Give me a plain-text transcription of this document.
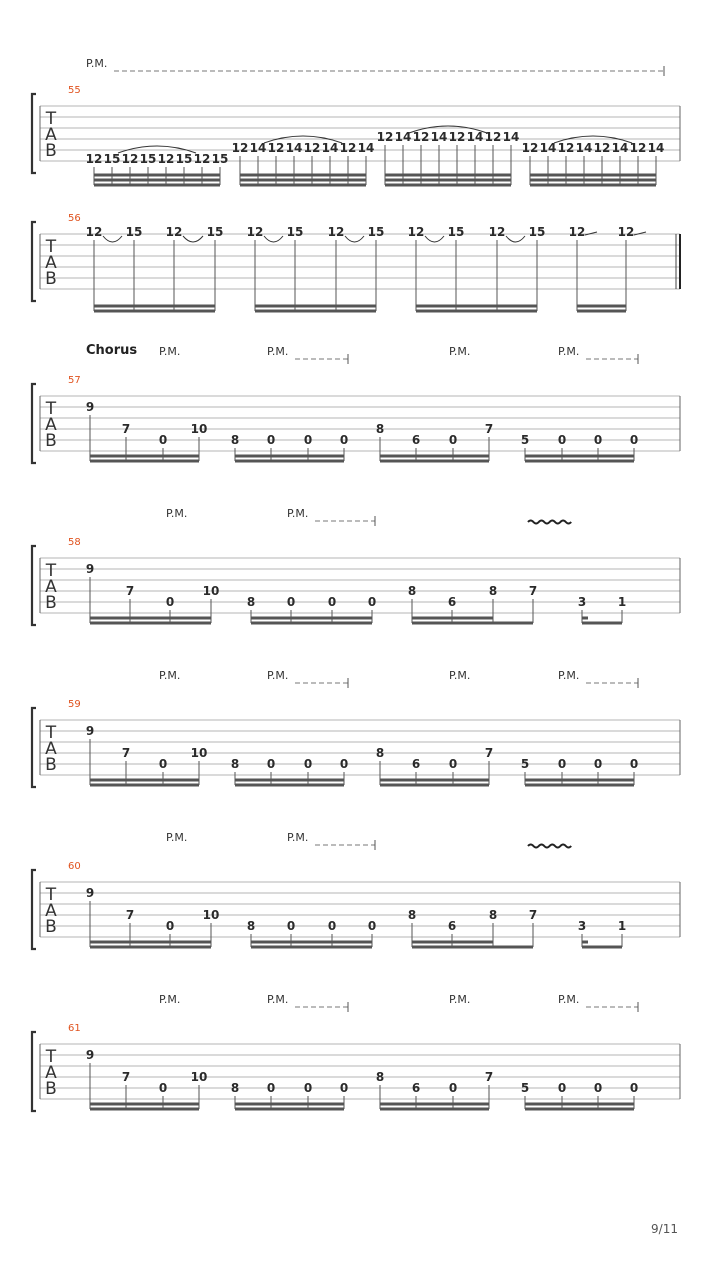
T
A
B
55
P.M.
12 15 12 15 12 15 12 15
12 14 12 14 12 14 12 14
12 14 12 14 12 14 12 14
12 14 12 14 12 14 12 14
T
A
B
56
12 15 12 15 12 15 12 15 12 15 12 15 12	12
T
A
B
57
Chorus P.M.	P.M.	P.M.	P.M.
9
7
0
10
8 0 0 0
8
6 0
7
5 0 0 0
T
A
B
58
P.M.	P.M.
9
7
0
10
8	0	0	0
8
6
8	7
3	1
T
A
B
59
P.M.	P.M.	P.M.	P.M.
9
7
0
10
8 0 0 0
8
6 0
7
5 0 0 0
T
A
B
60
P.M.	P.M.
9
7
0
10
8	0	0	0
8
6
8	7
3	1
T
A
B
61
P.M.	P.M.	P.M.	P.M.
9
7
0
10
8 0 0 0
8
6 0
7
5 0 0 0
9/11
